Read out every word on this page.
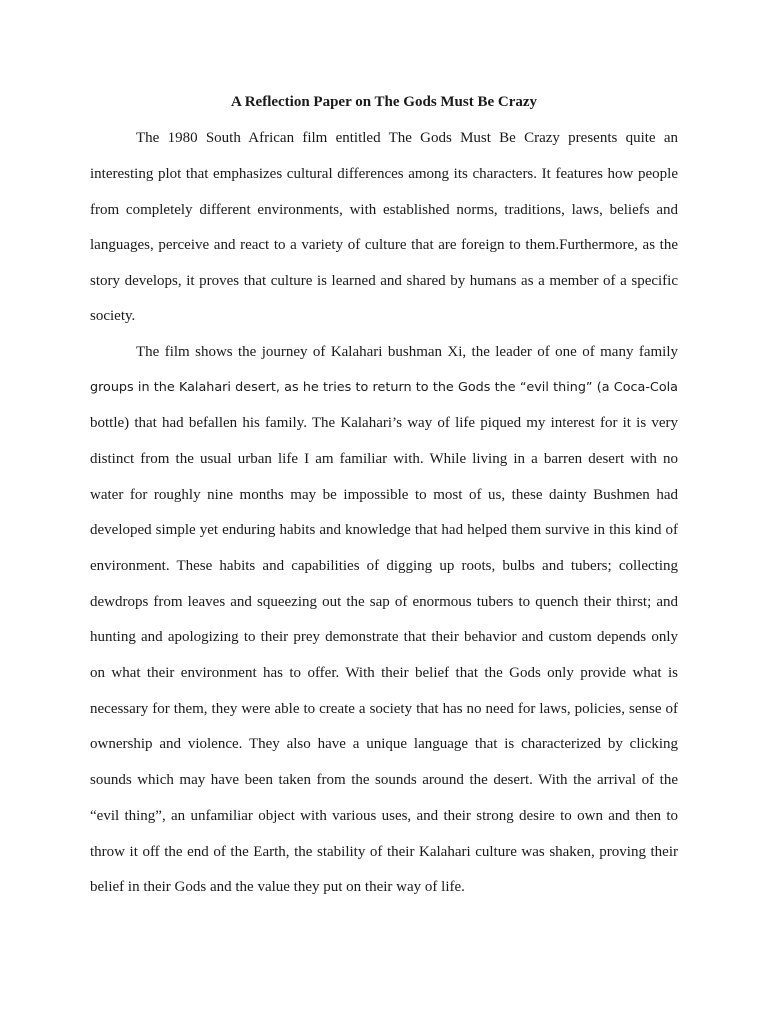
A Reflection Paper on The Gods Must Be Crazy
The 1980 South African film entitled The Gods Must Be Crazy presents quite an
interesting plot that emphasizes cultural differences among its characters. It features how people
from completely different environments, with established norms, traditions, laws, beliefs and
languages, perceive and react to a variety of culture that are foreign to them.Furthermore, as the
story develops, it proves that culture is learned and shared by humans as a member of a specific
society.
The film shows the journey of Kalahari bushman Xi, the leader of one of many family
groups in the Kalahari desert, as he tries to return to the Gods the “evil thing” (a Coca-Cola
bottle) that had befallen his family. The Kalahari’s way of life piqued my interest for it is very
distinct from the usual urban life I am familiar with. While living in a barren desert with no
water for roughly nine months may be impossible to most of us, these dainty Bushmen had
developed simple yet enduring habits and knowledge that had helped them survive in this kind of
environment. These habits and capabilities of digging up roots, bulbs and tubers; collecting
dewdrops from leaves and squeezing out the sap of enormous tubers to quench their thirst; and
hunting and apologizing to their prey demonstrate that their behavior and custom depends only
on what their environment has to offer. With their belief that the Gods only provide what is
necessary for them, they were able to create a society that has no need for laws, policies, sense of
ownership and violence. They also have a unique language that is characterized by clicking
sounds which may have been taken from the sounds around the desert. With the arrival of the
“evil thing”, an unfamiliar object with various uses, and their strong desire to own and then to
throw it off the end of the Earth, the stability of their Kalahari culture was shaken, proving their
belief in their Gods and the value they put on their way of life.
